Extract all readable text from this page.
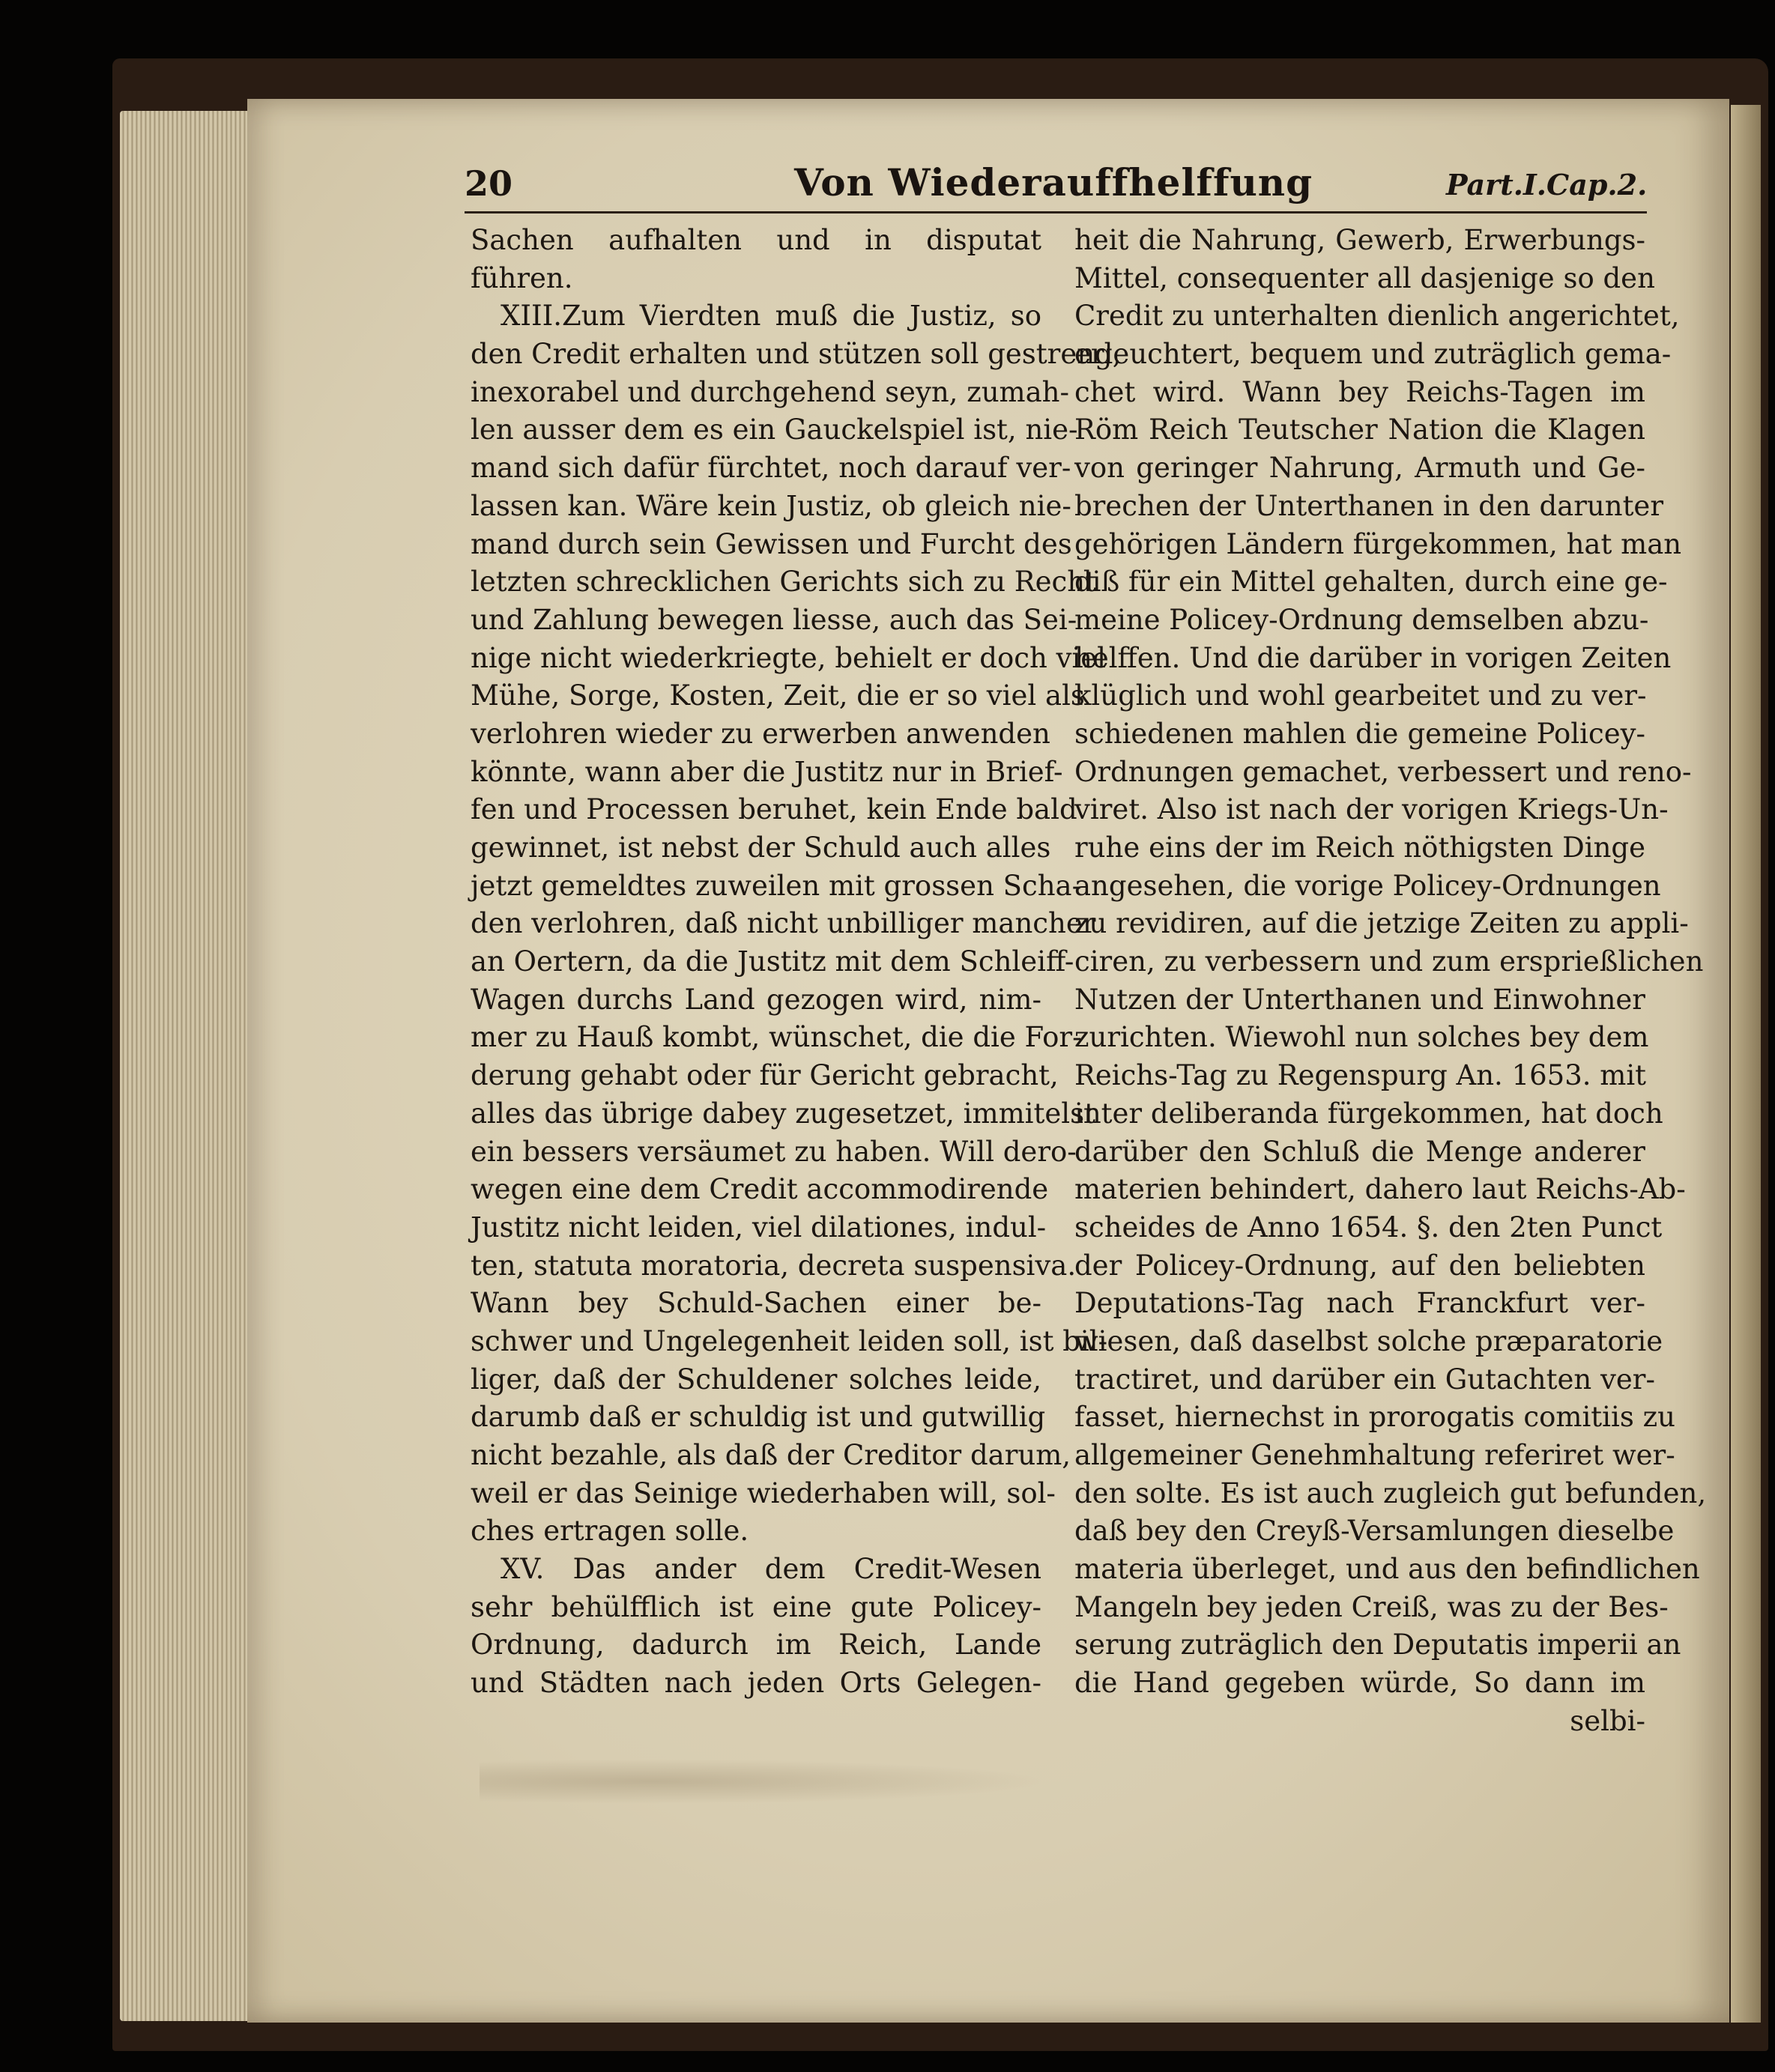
20	Von Wiederauffhelffung	Part.I.Cap.2.
Sachen aufhalten und in disputat
führen.
XIII.Zum Vierdten muß die Justiz, so
den Credit erhalten und stützen soll gestreng,
inexorabel und durchgehend seyn, zumah-
len ausser dem es ein Gauckelspiel ist, nie-
mand sich dafür fürchtet, noch darauf ver-
lassen kan. Wäre kein Justiz, ob gleich nie-
mand durch sein Gewissen und Furcht des
letzten schrecklichen Gerichts sich zu Recht
und Zahlung bewegen liesse, auch das Sei-
nige nicht wiederkriegte, behielt er doch viel
Mühe, Sorge, Kosten, Zeit, die er so viel als
verlohren wieder zu erwerben anwenden
könnte, wann aber die Justitz nur in Brief-
fen und Processen beruhet, kein Ende bald
gewinnet, ist nebst der Schuld auch alles
jetzt gemeldtes zuweilen mit grossen Scha-
den verlohren, daß nicht unbilliger mancher
an Oertern, da die Justitz mit dem Schleiff-
Wagen durchs Land gezogen wird, nim-
mer zu Hauß kombt, wünschet, die die For-
derung gehabt oder für Gericht gebracht,
alles das übrige dabey zugesetzet, immitelst
ein bessers versäumet zu haben. Will dero-
wegen eine dem Credit accommodirende
Justitz nicht leiden, viel dilationes, indul-
ten, statuta moratoria, decreta suspensiva.
Wann bey Schuld-Sachen einer be-
schwer und Ungelegenheit leiden soll, ist bil-
liger, daß der Schuldener solches leide,
darumb daß er schuldig ist und gutwillig
nicht bezahle, als daß der Creditor darum,
weil er das Seinige wiederhaben will, sol-
ches ertragen solle.
XV. Das ander dem Credit-Wesen
sehr behülfflich ist eine gute Policey-
Ordnung, dadurch im Reich, Lande
und Städten nach jeden Orts Gelegen-
heit die Nahrung, Gewerb, Erwerbungs-
Mittel, consequenter all dasjenige so den
Credit zu unterhalten dienlich angerichtet,
erleuchtert, bequem und zuträglich gema-
chet wird. Wann bey Reichs-Tagen im
Röm Reich Teutscher Nation die Klagen
von geringer Nahrung, Armuth und Ge-
brechen der Unterthanen in den darunter
gehörigen Ländern fürgekommen, hat man
diß für ein Mittel gehalten, durch eine ge-
meine Policey-Ordnung demselben abzu-
helffen. Und die darüber in vorigen Zeiten
klüglich und wohl gearbeitet und zu ver-
schiedenen mahlen die gemeine Policey-
Ordnungen gemachet, verbessert und reno-
viret. Also ist nach der vorigen Kriegs-Un-
ruhe eins der im Reich nöthigsten Dinge
angesehen, die vorige Policey-Ordnungen
zu revidiren, auf die jetzige Zeiten zu appli-
ciren, zu verbessern und zum ersprießlichen
Nutzen der Unterthanen und Einwohner
zurichten. Wiewohl nun solches bey dem
Reichs-Tag zu Regenspurg An. 1653. mit
inter deliberanda fürgekommen, hat doch
darüber den Schluß die Menge anderer
materien behindert, dahero laut Reichs-Ab-
scheides de Anno 1654. §. den 2ten Punct
der Policey-Ordnung, auf den beliebten
Deputations-Tag nach Franckfurt ver-
wiesen, daß daselbst solche præparatorie
tractiret, und darüber ein Gutachten ver-
fasset, hiernechst in prorogatis comitiis zu
allgemeiner Genehmhaltung referiret wer-
den solte. Es ist auch zugleich gut befunden,
daß bey den Creyß-Versamlungen dieselbe
materia überleget, und aus den befindlichen
Mangeln bey jeden Creiß, was zu der Bes-
serung zuträglich den Deputatis imperii an
die Hand gegeben würde, So dann im
selbi-
